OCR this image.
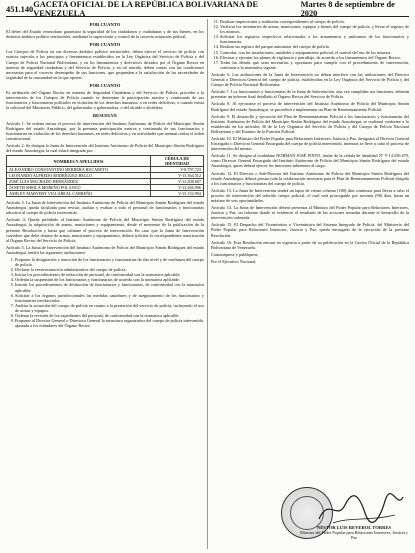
451.140 GACETA OFICIAL DE LA REPÚBLICA BOLIVARIANA DE VENEZUELA
Martes 8 de septiembre de 2020

POR CUANTO

El deber del Estado venezolano garantizar la seguridad de los ciudadanos y ciudadanas y de sus bienes, en los distintos ámbitos político territoriales, mediante la supervisión y control de la correcta actuación policial,

POR CUANTO

Los Cuerpos de Policía en sus diversos ámbitos político territoriales, deben ejercer el servicio de policía con estricta sujeción a los principios y lineamientos establecidos en la Ley Orgánica del Servicio de Policía y del Cuerpo de Policía Nacional Bolivariana, y en los lineamientos y directrices dictados por el Órgano Rector en materia de seguridad ciudadana y del Servicio de Policía, y en tal sentido, deben contar con las condiciones necesarias para el correcto desempeño de sus funciones, que propendan a la satisfacción de las necesidades de seguridad de la comunidad en la que operen.

POR CUANTO

Es atribución del Órgano Rector en materia de Seguridad Ciudadana y del Servicio de Policía, proceder a la intervención de los Cuerpos de Policía cuando se determine la participación masiva y continuada de sus funcionarios y funcionarias policiales en violación de los derechos humanos, o en redes delictivas, o cuando exista la solicitud del Ministerio Público, del gobernador o gobernadora, o del alcalde o alcaldesa,

RESUELVE

Artículo 1. Se ordena iniciar el proceso de intervención del Instituto Autónomo de Policía del Municipio Simón Rodríguez del estado Anzoátegui, por la presunta participación masiva y continuada de sus funcionarios y funcionarias en violación de los derechos humanos, en redes delictivas y en actividades que atentan contra el orden constitucional.

Artículo 2. Se designa la Junta de Intervención del Instituto Autónomo de Policía del Municipio Simón Rodríguez del estado Anzoátegui, la cual estará integrada por:

NOMBRES Y APELLIDOS	CÉDULA DE IDENTIDAD
ALEJANDRO CONSTANTINO HERRERA BUCARETO	V-8.797.723
LEONARDO ALFREDO RODRÍGUEZ BELLO	V-15.364.312
JOSÉ LUIS MACHADO HERNÁNDEZ	V-12.508.697
JANETH SHEILA MORENO POLANCO	V-13.266.906
ASHLEY MARYEBY VILLAREAL CARREÑO	V-15.152.994

Artículo 3. La Junta de Intervención del Instituto Autónomo de Policía del Municipio Simón Rodríguez del estado Anzoátegui, queda facultada para revisar, auditar y evaluar a todo el personal de funcionarios y funcionarias adscritos al cuerpo de policía intervenido.

Artículo 4. Queda prohibido al Instituto Autónomo de Policía del Municipio Simón Rodríguez del estado Anzoátegui, la adquisición de armas, municiones y equipamiento, desde el momento de la publicación de la presente Resolución y hasta que culmine el proceso de intervención. En caso que la Junta de Intervención considere que debe dotarse de armas, municiones y equipamiento, deberá solicitar la correspondiente autorización al Órgano Rector del Servicio de Policía.

Artículo 5. La Junta de Intervención del Instituto Autónomo de Policía del Municipio Simón Rodríguez del estado Anzoátegui, tendrá las siguientes atribuciones:

1. Proponer la designación y remoción de los funcionarios y funcionarias de alto nivel y de confianza del cuerpo de policía.
2. Declarar la reestructuración administrativa del cuerpo de policía.
3. Iniciar los procedimientos de reducción de personal, de conformidad con la normativa aplicable.
4. Ordenar la suspensión de los funcionarios y funcionarias de acuerdo con la normativa aplicable.
5. Instruir los procedimientos de destitución de funcionarios y funcionarias, de conformidad con la normativa aplicable.
6. Solicitar a los órganos jurisdiccionales las medidas cautelares y de aseguramiento de los funcionarios y funcionarias involucrados.
7. Auditar la actuación del cuerpo de policía en cuanto a la prestación del servicio de policía, incluyendo el uso de armas y equipos.
8. Ordenar la revisión de los expedientes del personal, de conformidad con la normativa aplicable.
9. Proponer al Director General o Directora General la estructura organizativa del cuerpo de policía intervenido, ajustada a los estándares del Órgano Rector.
11. Realizar inspecciones y auditorías correspondientes al cuerpo de policía.
12. Verificar los inventarios de armas, municiones, equipos y bienes del cuerpo de policía, y llevar el registro de los mismos.
13. Solicitar los registros respectivos relacionados a los armamentos y uniformes de los funcionarios y funcionarias.
14. Realizar un registro del parque automotor del cuerpo de policía.
15. Controlar, con las instalaciones, unidades y equipamiento policial, el control del uso de los mismos.
16. Efectuar y ejecutar los planes de vigilancia y patrullaje, de acuerdo a los lineamientos del Órgano Rector.
17. Todas las demás que sean necesarias y oportunas para cumplir con el procedimiento de intervención, conforme a la normativa vigente.

Artículo 6. Las atribuciones de la Junta de Intervención no deben interferir con las atribuciones del Director General o Directora General del cuerpo de policía, establecidas en la Ley Orgánica del Servicio de Policía y del Cuerpo de Policía Nacional Bolivariana.

Artículo 7. Los funcionarios y funcionarias de la Junta de Intervención, una vez cumplidas sus funciones, deberán presentar un informe final detallado al Órgano Rector del Servicio de Policía.

Artículo 8. Al ejecutarse el proceso de intervención del Instituto Autónomo de Policía del Municipio Simón Rodríguez del estado Anzoátegui, se procederá a implementar un Plan de Reentrenamiento Policial.

Artículo 9. El desarrollo y ejecución del Plan de Reentrenamiento Policial a los funcionarios y funcionarias del Instituto Autónomo de Policía del Municipio Simón Rodríguez del estado Anzoátegui, se realizará conforme a lo establecido en los artículos 30 de la Ley Orgánica del Servicio de Policía y del Cuerpo de Policía Nacional Bolivariana y del Estatuto de la Función Policial.

Artículo 10. El Ministro del Poder Popular para Relaciones Interiores, Justicia y Paz, designará al Director General Encargado o Directora General Encargada del cuerpo de policía intervenido, mientras se lleve a cabo el proceso de intervención del mismo.

Artículo 11. Se designa al ciudadano NORMAN JOSÉ PINTO, titular de la cédula de identidad Nº V-14.530.479, como Director General Encargado del Instituto Autónomo de Policía del Municipio Simón Rodríguez del estado Anzoátegui, quien deberá ejercer las funciones inherentes al cargo.

Artículo 12. El Director o Sub-Director del Instituto Autónomo de Policía del Municipio Simón Rodríguez del estado Anzoátegui, deberá prestar toda la colaboración necesaria para el Plan de Reentrenamiento Policial dirigido a los funcionarios y funcionarias del cuerpo de policía.

Artículo 13. La Junta de Intervención tendrá un lapso de ciento ochenta (180) días continuos para llevar a cabo el proceso de intervención del referido cuerpo policial, el cual será prorrogable por noventa (90) días, hasta un máximo de seis oportunidades.

Artículo 14. La Junta de Intervención deberá presentar al Ministro del Poder Popular para Relaciones Interiores, Justicia y Paz, un informe donde se evidencie el resultado de las acciones tomadas durante el desarrollo de la intervención ordenada.

Artículo 15. El Despacho del Viceministro o Viceministra del Sistema Integrado de Policía, del Ministerio del Poder Popular para Relaciones Interiores, Justicia y Paz, queda encargado de la ejecución de la presente Resolución.

Artículo 16. Esta Resolución entrará en vigencia a partir de su publicación en la Gaceta Oficial de la República Bolivariana de Venezuela.

Comuníquese y publíquese,

Por el Ejecutivo Nacional,

NÉSTOR LUIS REVEROL TORRES
Ministro del Poder Popular para Relaciones Interiores, Justicia y Paz
